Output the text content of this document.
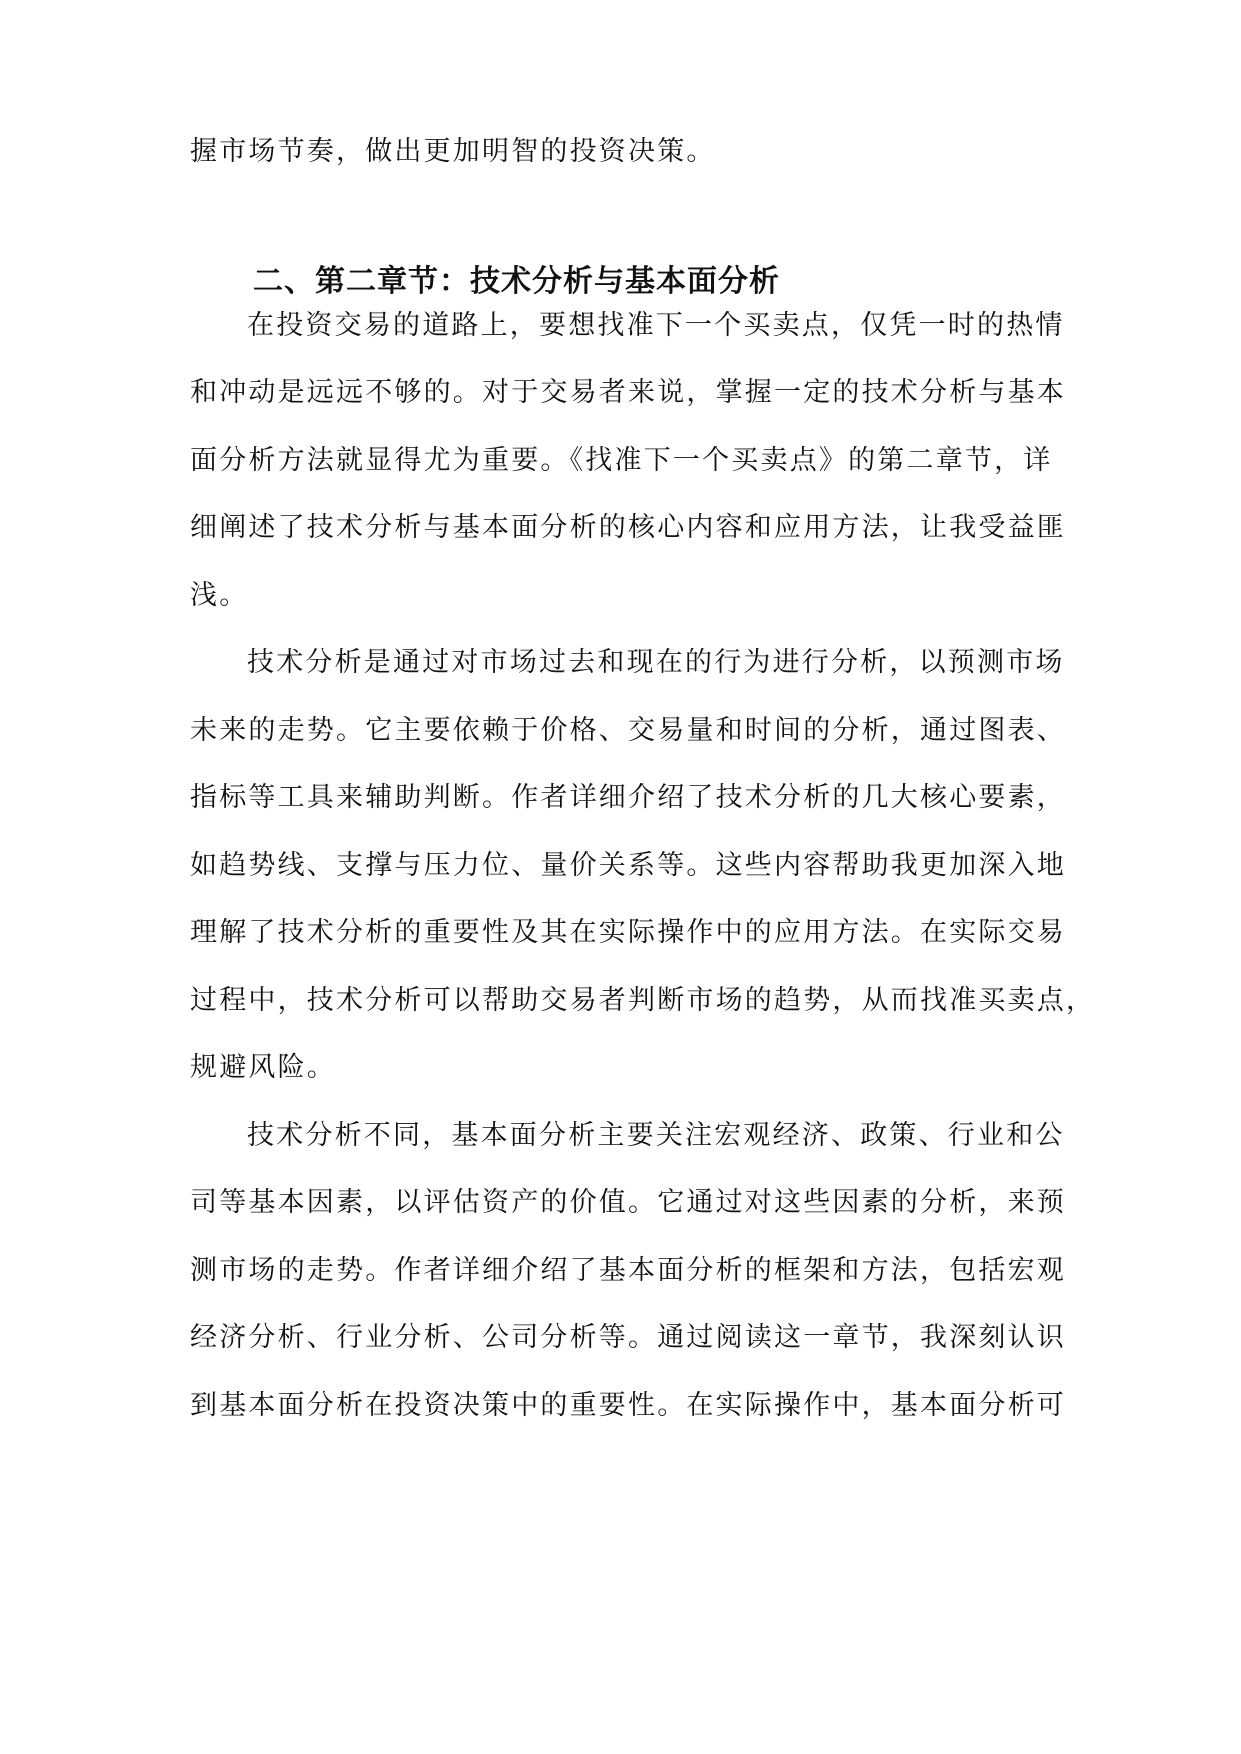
握市场节奏，做出更加明智的投资决策。
二、第二章节：技术分析与基本面分析
在投资交易的道路上，要想找准下一个买卖点，仅凭一时的热情
和冲动是远远不够的。对于交易者来说，掌握一定的技术分析与基本
面分析方法就显得尤为重要。《找准下一个买卖点》的第二章节，详
细阐述了技术分析与基本面分析的核心内容和应用方法，让我受益匪
浅。
技术分析是通过对市场过去和现在的行为进行分析，以预测市场
未来的走势。它主要依赖于价格、交易量和时间的分析，通过图表、
指标等工具来辅助判断。作者详细介绍了技术分析的几大核心要素，
如趋势线、支撑与压力位、量价关系等。这些内容帮助我更加深入地
理解了技术分析的重要性及其在实际操作中的应用方法。在实际交易
过程中，技术分析可以帮助交易者判断市场的趋势，从而找准买卖点，
规避风险。
技术分析不同，基本面分析主要关注宏观经济、政策、行业和公
司等基本因素，以评估资产的价值。它通过对这些因素的分析，来预
测市场的走势。作者详细介绍了基本面分析的框架和方法，包括宏观
经济分析、行业分析、公司分析等。通过阅读这一章节，我深刻认识
到基本面分析在投资决策中的重要性。在实际操作中，基本面分析可
